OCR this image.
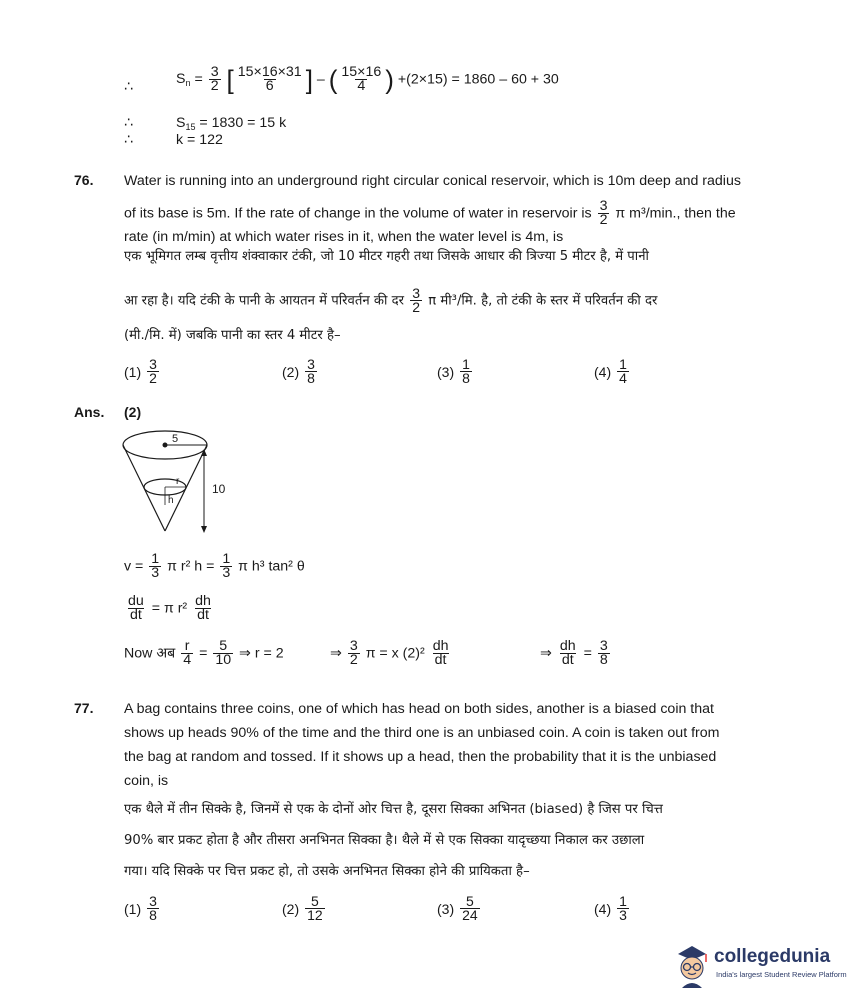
∴	$S_n = \frac{3}{2}$ [ $\frac{15\times 16\times 31}{6}$ ] – ( $\frac{15\times 16}{4}$ ) +(2×15) = 1860 – 60 + 30
∴	$S_{15} = 1830 = 15$ k
∴	k = 122
76. Water is running into an underground right circular conical reservoir, which is 10m deep and radius
of its base is 5m. If the rate of change in the volume of water in reservoir is $\frac{3}{2}$ π m³/min., then the
rate (in m/min) at which water rises in it, when the water level is 4m, is
एक भूमिगत लम्ब वृत्तीय शंक्वाकार टंकी, जो 10 मीटर गहरी तथा जिसके आधार की त्रिज्या 5 मीटर है, में पानी
आ रहा है। यदि टंकी के पानी के आयतन में परिवर्तन की दर $\frac{3}{2}$ π मी³/मि. है, तो टंकी के स्तर में परिवर्तन की दर
(मी./मि. में) जबकि पानी का स्तर 4 मीटर है–
$(1) \frac{3}{2}$	$(2) \frac{3}{8}$	$(3) \frac{1}{8}$	$(4) \frac{1}{4}$
Ans. (2)
5
r
h
10
$v = \frac{1}{3}$ π r² $h = \frac{1}{3}$ π h³ tan² θ
$\frac{du}{dt} = \pi$ $r^2 \frac{dh}{dt}$
Now अब $\frac{r}{4} = \frac{5}{10}$ ⇒ r = 2	⇒ $\frac{3}{2}$ π = x $(2)^2 \frac{dh}{dt}$	⇒ $\frac{dh}{dt} = \frac{3}{8}$
77. A bag contains three coins, one of which has head on both sides, another is a biased coin that
shows up heads 90% of the time and the third one is an unbiased coin. A coin is taken out from
the bag at random and tossed. If it shows up a head, then the probability that it is the unbiased
coin, is
एक थैले में तीन सिक्के है, जिनमें से एक के दोनों ओर चित्त है, दूसरा सिक्का अभिनत (biased) है जिस पर चित्त
90% बार प्रकट होता है और तीसरा अनभिनत सिक्का है। थैले में से एक सिक्का यादृच्छया निकाल कर उछाला
गया। यदि सिक्के पर चित्त प्रकट हो, तो उसके अनभिनत सिक्का होने की प्रायिकता है–
$(1) \frac{3}{8}$	$(2) \frac{5}{12}$	$(3) \frac{5}{24}$	$(4) \frac{1}{3}$
collegedunia
India's largest Student Review Platform
